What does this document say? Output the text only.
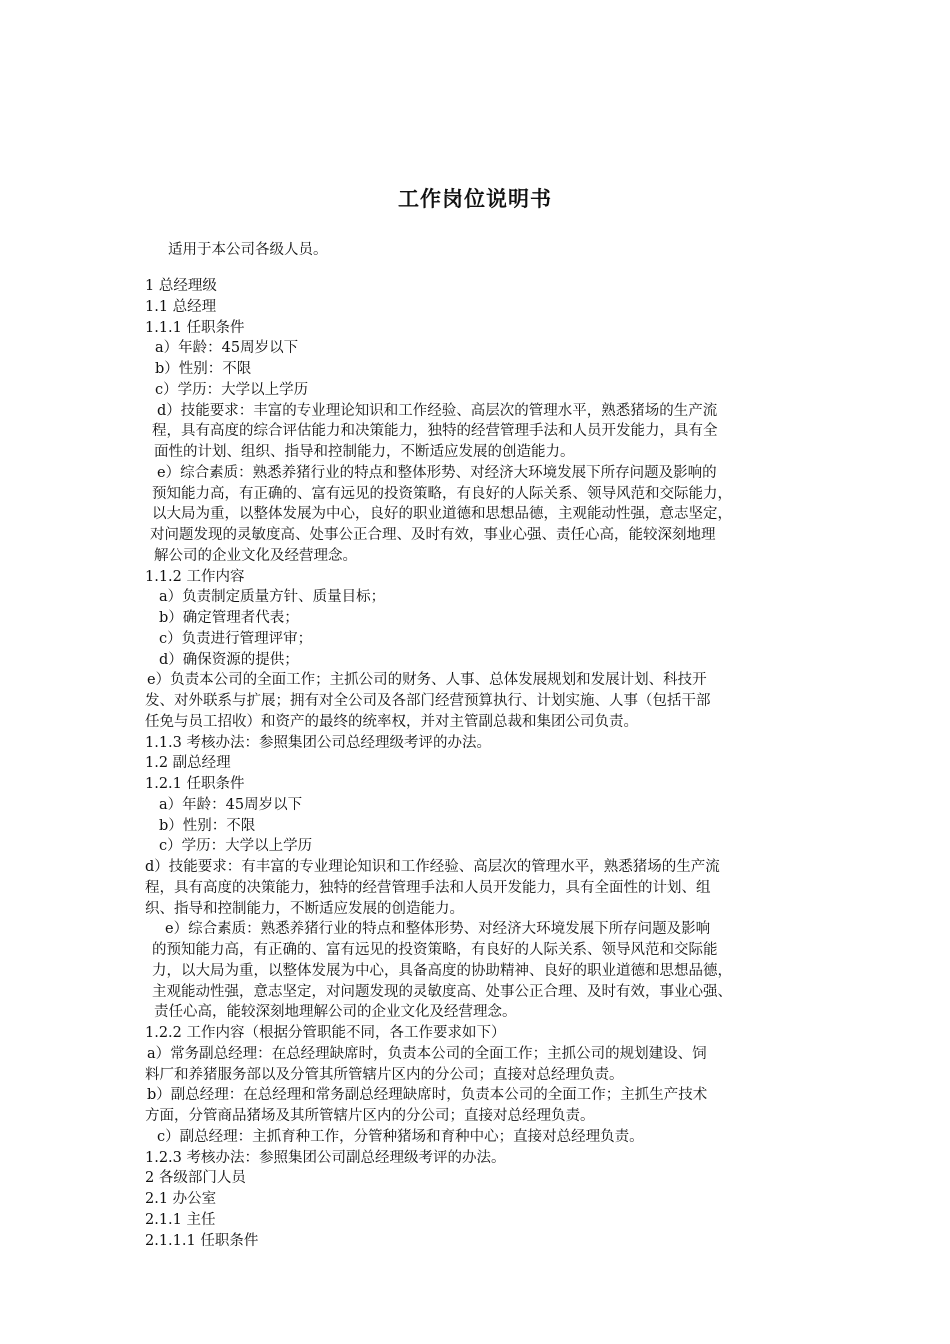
工作岗位说明书
适用于本公司各级人员。
1 总经理级
1.1 总经理
1.1.1 任职条件
a）年龄：45周岁以下
b）性别：不限
c）学历：大学以上学历
d）技能要求：丰富的专业理论知识和工作经验、高层次的管理水平，熟悉猪场的生产流
程，具有高度的综合评估能力和决策能力，独特的经营管理手法和人员开发能力，具有全
面性的计划、组织、指导和控制能力，不断适应发展的创造能力。
e）综合素质：熟悉养猪行业的特点和整体形势、对经济大环境发展下所存问题及影响的
预知能力高，有正确的、富有远见的投资策略，有良好的人际关系、领导风范和交际能力，
以大局为重，以整体发展为中心，良好的职业道德和思想品德，主观能动性强，意志坚定，
对问题发现的灵敏度高、处事公正合理、及时有效，事业心强、责任心高，能较深刻地理
解公司的企业文化及经营理念。
1.1.2 工作内容
a）负责制定质量方针、质量目标；
b）确定管理者代表；
c）负责进行管理评审；
d）确保资源的提供；
e）负责本公司的全面工作；主抓公司的财务、人事、总体发展规划和发展计划、科技开
发、对外联系与扩展；拥有对全公司及各部门经营预算执行、计划实施、人事（包括干部
任免与员工招收）和资产的最终的统率权，并对主管副总裁和集团公司负责。
1.1.3 考核办法：参照集团公司总经理级考评的办法。
1.2 副总经理
1.2.1 任职条件
a）年龄：45周岁以下
b）性别：不限
c）学历：大学以上学历
d）技能要求：有丰富的专业理论知识和工作经验、高层次的管理水平，熟悉猪场的生产流
程，具有高度的决策能力，独特的经营管理手法和人员开发能力，具有全面性的计划、组
织、指导和控制能力，不断适应发展的创造能力。
e）综合素质：熟悉养猪行业的特点和整体形势、对经济大环境发展下所存问题及影响
的预知能力高，有正确的、富有远见的投资策略，有良好的人际关系、领导风范和交际能
力，以大局为重，以整体发展为中心，具备高度的协助精神、良好的职业道德和思想品德，
主观能动性强，意志坚定，对问题发现的灵敏度高、处事公正合理、及时有效，事业心强、
责任心高，能较深刻地理解公司的企业文化及经营理念。
1.2.2 工作内容（根据分管职能不同，各工作要求如下）
a）常务副总经理：在总经理缺席时，负责本公司的全面工作；主抓公司的规划建设、饲
料厂和养猪服务部以及分管其所管辖片区内的分公司；直接对总经理负责。
b）副总经理：在总经理和常务副总经理缺席时，负责本公司的全面工作；主抓生产技术
方面，分管商品猪场及其所管辖片区内的分公司；直接对总经理负责。
c）副总经理：主抓育种工作，分管种猪场和育种中心；直接对总经理负责。
1.2.3 考核办法：参照集团公司副总经理级考评的办法。
2 各级部门人员
2.1 办公室
2.1.1 主任
2.1.1.1 任职条件
